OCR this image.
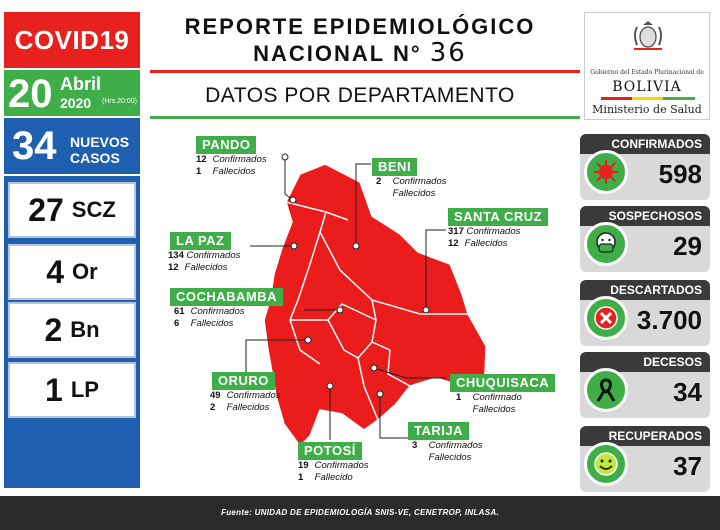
COVID19
20 Abril
2020 (Hrs.20:00)
34 NUEVOS
CASOS
27 SCZ
4 Or
2 Bn
1 LP
REPORTE EPIDEMIOLÓGICO
NACIONAL N° 36
DATOS POR DEPARTAMENTO
Gobierno del Estado Plurinacional de
BOLIVIA
Ministerio de Salud
PANDO
12 Confirmados
1 Fallecidos	BENI
2 Confirmados
Fallecidos
LA PAZ
134 Confirmados
12 Fallecidos
SANTA CRUZ
317 Confirmados
12 Fallecidos
COCHABAMBA
61 Confirmados
6 Fallecidos
ORURO
49 Confirmados
2 Fallecidos
CHUQUISACA
1 Confirmado
Fallecidos
TARIJA
3 Confirmados
Fallecidos
POTOSÍ
19 Confirmados
1 Fallecido
CONFIRMADOS
598
SOSPECHOSOS
29
DESCARTADOS
3.700
DECESOS
34
RECUPERADOS
37
Fuente: UNIDAD DE EPIDEMIOLOGÍA SNIS-VE, CENETROP, INLASA.
